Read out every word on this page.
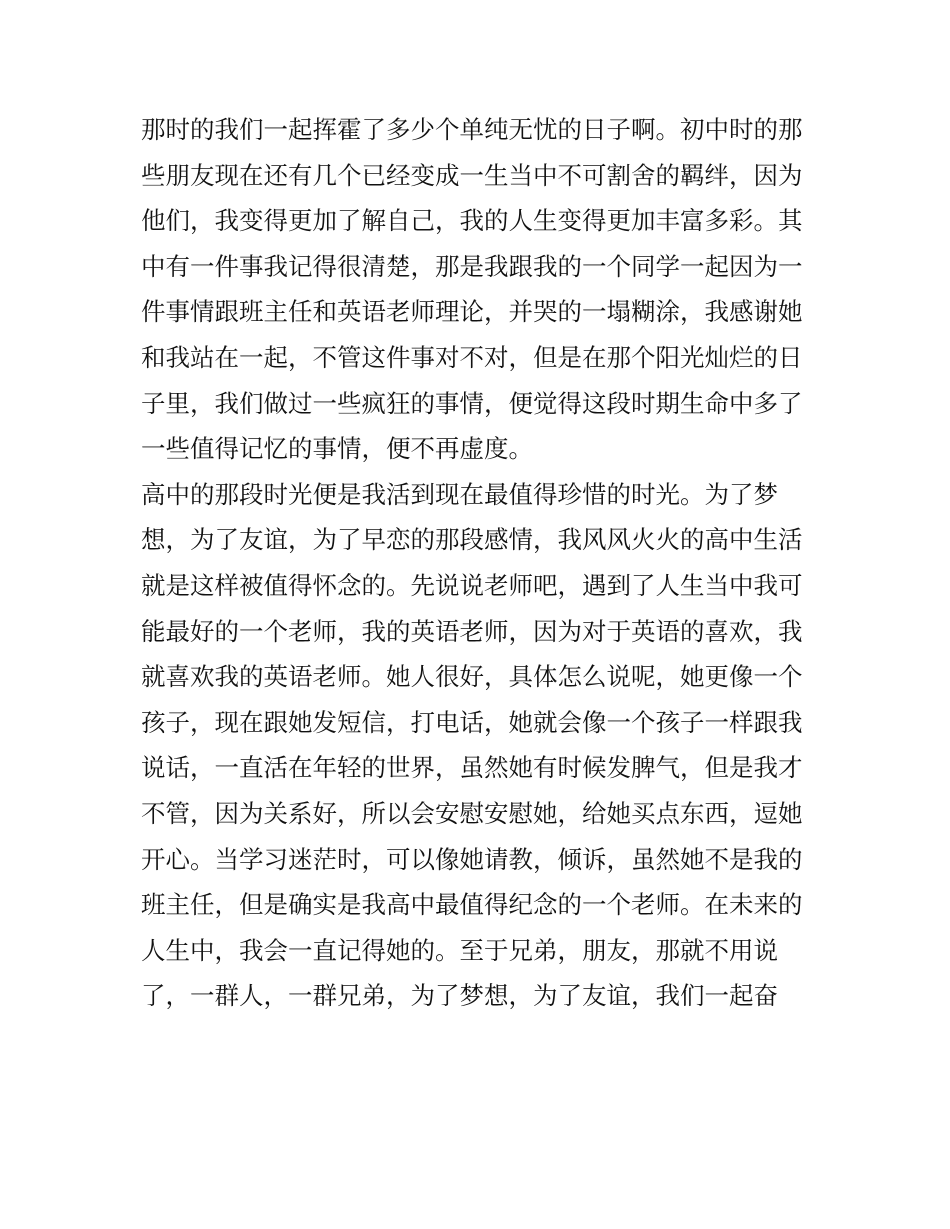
那时的我们一起挥霍了多少个单纯无忧的日子啊。初中时的那
些朋友现在还有几个已经变成一生当中不可割舍的羁绊，因为
他们，我变得更加了解自己，我的人生变得更加丰富多彩。其
中有一件事我记得很清楚，那是我跟我的一个同学一起因为一
件事情跟班主任和英语老师理论，并哭的一塌糊涂，我感谢她
和我站在一起，不管这件事对不对，但是在那个阳光灿烂的日
子里，我们做过一些疯狂的事情，便觉得这段时期生命中多了
一些值得记忆的事情，便不再虚度。
高中的那段时光便是我活到现在最值得珍惜的时光。为了梦
想，为了友谊，为了早恋的那段感情，我风风火火的高中生活
就是这样被值得怀念的。先说说老师吧，遇到了人生当中我可
能最好的一个老师，我的英语老师，因为对于英语的喜欢，我
就喜欢我的英语老师。她人很好，具体怎么说呢，她更像一个
孩子，现在跟她发短信，打电话，她就会像一个孩子一样跟我
说话，一直活在年轻的世界，虽然她有时候发脾气，但是我才
不管，因为关系好，所以会安慰安慰她，给她买点东西，逗她
开心。当学习迷茫时，可以像她请教，倾诉，虽然她不是我的
班主任，但是确实是我高中最值得纪念的一个老师。在未来的
人生中，我会一直记得她的。至于兄弟，朋友，那就不用说
了，一群人，一群兄弟，为了梦想，为了友谊，我们一起奋
